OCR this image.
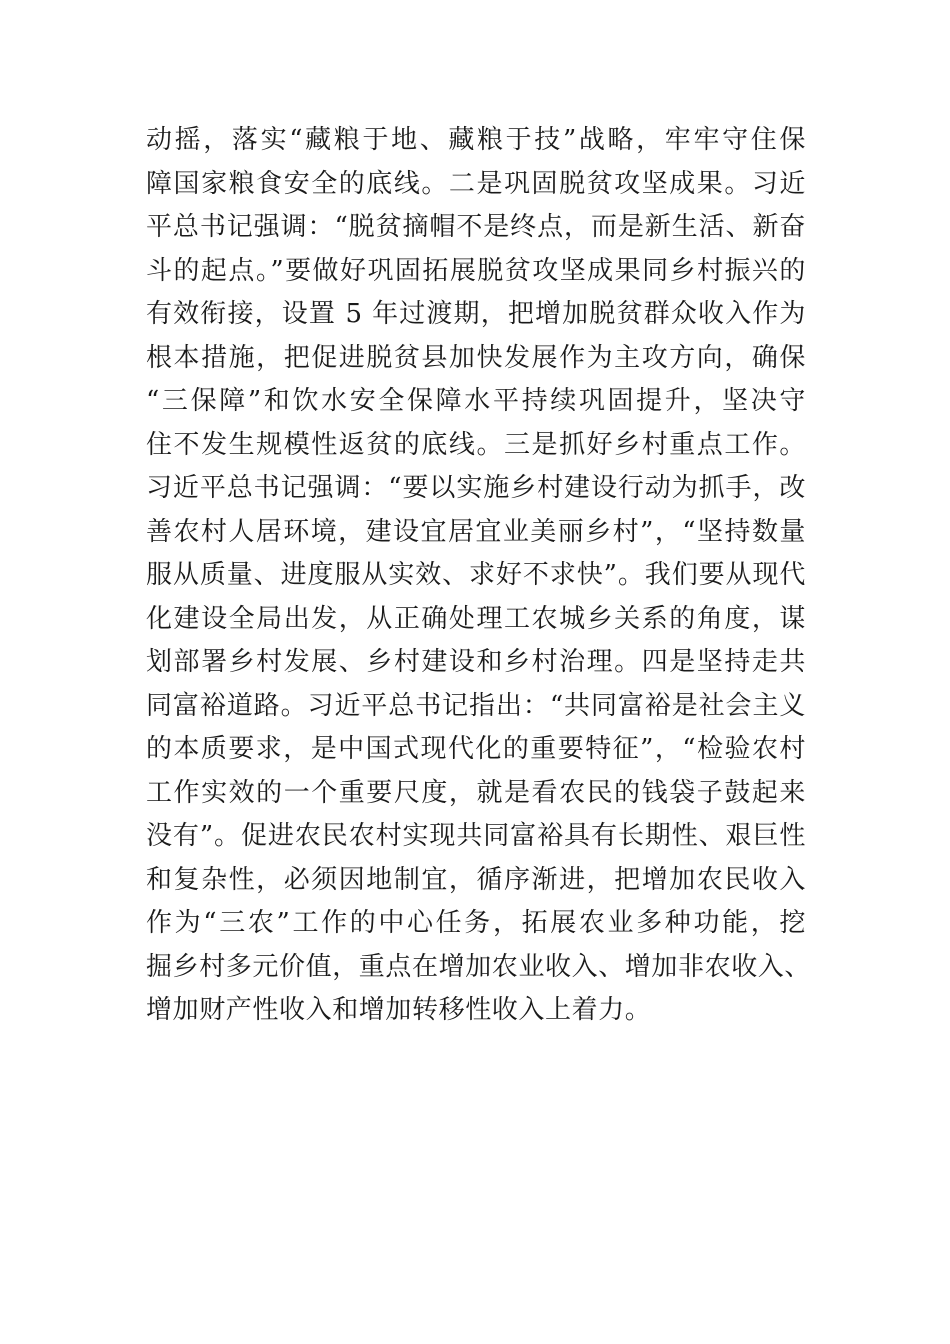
动摇，落实“藏粮于地、藏粮于技”战略，牢牢守住保
障国家粮食安全的底线。二是巩固脱贫攻坚成果。习近
平总书记强调：“脱贫摘帽不是终点，而是新生活、新奋
斗的起点。”要做好巩固拓展脱贫攻坚成果同乡村振兴的
有效衔接，设置 5 年过渡期，把增加脱贫群众收入作为
根本措施，把促进脱贫县加快发展作为主攻方向，确保
“三保障”和饮水安全保障水平持续巩固提升，坚决守
住不发生规模性返贫的底线。三是抓好乡村重点工作。
习近平总书记强调：“要以实施乡村建设行动为抓手，改
善农村人居环境，建设宜居宜业美丽乡村”，“坚持数量
服从质量、进度服从实效、求好不求快”。我们要从现代
化建设全局出发，从正确处理工农城乡关系的角度，谋
划部署乡村发展、乡村建设和乡村治理。四是坚持走共
同富裕道路。习近平总书记指出：“共同富裕是社会主义
的本质要求，是中国式现代化的重要特征”，“检验农村
工作实效的一个重要尺度，就是看农民的钱袋子鼓起来
没有”。促进农民农村实现共同富裕具有长期性、艰巨性
和复杂性，必须因地制宜，循序渐进，把增加农民收入
作为“三农”工作的中心任务，拓展农业多种功能，挖
掘乡村多元价值，重点在增加农业收入、增加非农收入、
增加财产性收入和增加转移性收入上着力。
